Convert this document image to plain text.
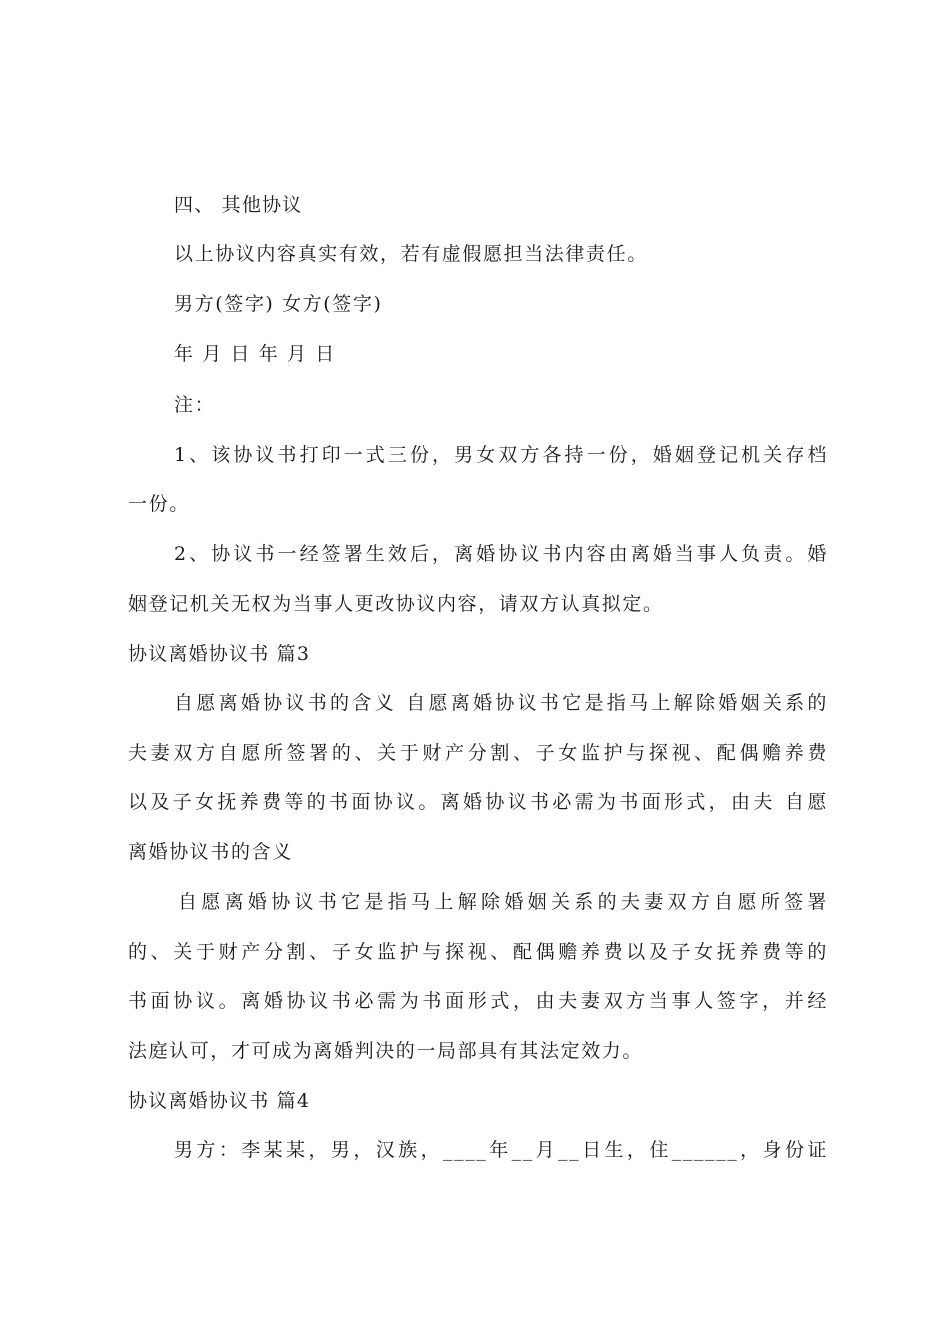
四、 其他协议
以上协议内容真实有效，若有虚假愿担当法律责任。
男方(签字) 女方(签字)
年 月 日 年 月 日
注：
1、该协议书打印一式三份，男女双方各持一份，婚姻登记机关存档
一份。
2、协议书一经签署生效后，离婚协议书内容由离婚当事人负责。婚
姻登记机关无权为当事人更改协议内容，请双方认真拟定。
协议离婚协议书 篇3
自愿离婚协议书的含义 自愿离婚协议书它是指马上解除婚姻关系的
夫妻双方自愿所签署的、关于财产分割、子女监护与探视、配偶赡养费
以及子女抚养费等的书面协议。离婚协议书必需为书面形式，由夫 自愿
离婚协议书的含义
自愿离婚协议书它是指马上解除婚姻关系的夫妻双方自愿所签署
的、关于财产分割、子女监护与探视、配偶赡养费以及子女抚养费等的
书面协议。离婚协议书必需为书面形式，由夫妻双方当事人签字，并经
法庭认可，才可成为离婚判决的一局部具有其法定效力。
协议离婚协议书 篇4
男方：李某某，男，汉族，____年__月__日生，住______，身份证
